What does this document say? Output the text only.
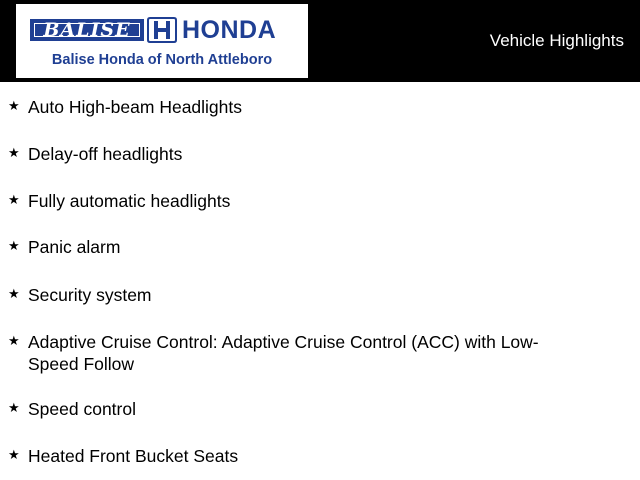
BALISE	HONDA
Balise Honda of North Attleboro
Vehicle Highlights
★ Auto High-beam Headlights
★ Delay-off headlights
★ Fully automatic headlights
★ Panic alarm
★ Security system
★ Adaptive Cruise Control: Adaptive Cruise Control (ACC) with Low-Speed Follow
★ Speed control
★ Heated Front Bucket Seats
